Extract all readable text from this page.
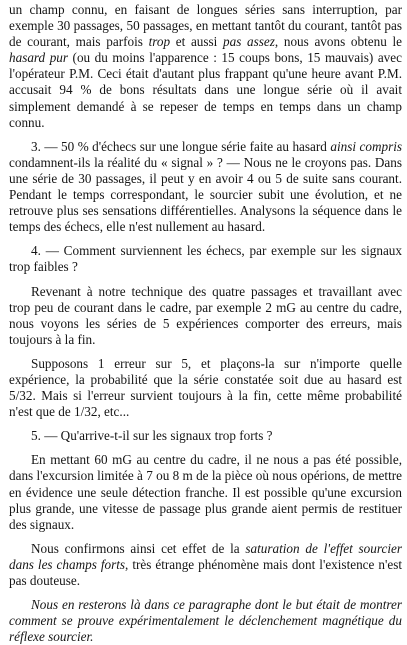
un champ connu, en faisant de longues séries sans interruption, par exemple 30 passages, 50 passages, en mettant tantôt du courant, tantôt pas de courant, mais parfois trop et aussi pas assez, nous avons obtenu le hasard pur (ou du moins l'apparence : 15 coups bons, 15 mauvais) avec l'opérateur P.M. Ceci était d'autant plus frappant qu'une heure avant P.M. accusait 94 % de bons résultats dans une longue série où il avait simplement demandé à se repeser de temps en temps dans un champ connu.

3. — 50 % d'échecs sur une longue série faite au hasard ainsi compris condamnent-ils la réalité du « signal » ? — Nous ne le croyons pas. Dans une série de 30 passages, il peut y en avoir 4 ou 5 de suite sans courant. Pendant le temps correspondant, le sourcier subit une évolution, et ne retrouve plus ses sensations différentielles. Analysons la séquence dans le temps des échecs, elle n'est nullement au hasard.

4. — Comment surviennent les échecs, par exemple sur les signaux trop faibles ?

Revenant à notre technique des quatre passages et travaillant avec trop peu de courant dans le cadre, par exemple 2 mG au centre du cadre, nous voyons les séries de 5 expériences comporter des erreurs, mais toujours à la fin.

Supposons 1 erreur sur 5, et plaçons-la sur n'importe quelle expérience, la probabilité que la série constatée soit due au hasard est 5/32. Mais si l'erreur survient toujours à la fin, cette même probabilité n'est que de 1/32, etc...

5. — Qu'arrive-t-il sur les signaux trop forts ?

En mettant 60 mG au centre du cadre, il ne nous a pas été possible, dans l'excursion limitée à 7 ou 8 m de la pièce où nous opérions, de mettre en évidence une seule détection franche. Il est possible qu'une excursion plus grande, une vitesse de passage plus grande aient permis de restituer des signaux.

Nous confirmons ainsi cet effet de la saturation de l'effet sourcier dans les champs forts, très étrange phénomène mais dont l'existence n'est pas douteuse.

Nous en resterons là dans ce paragraphe dont le but était de montrer comment se prouve expérimentalement le déclenchement magnétique du réflexe sourcier.
